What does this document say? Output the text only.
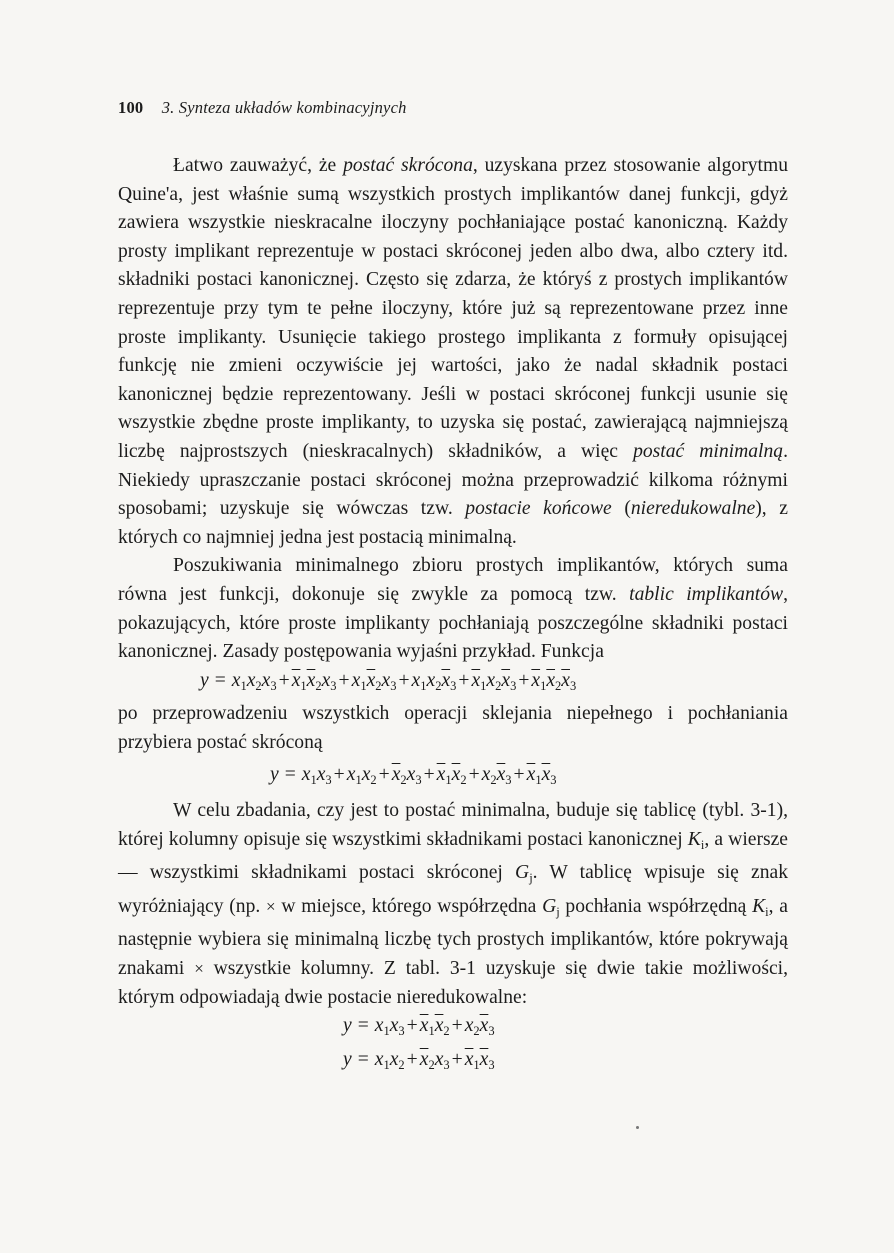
100 3. Synteza układów kombinacyjnych

Łatwo zauważyć, że postać skrócona, uzyskana przez stosowanie algorytmu Quine'a, jest właśnie sumą wszystkich prostych implikantów danej funkcji, gdyż zawiera wszystkie nieskracalne iloczyny pochłaniające postać kanoniczną. Każdy prosty implikant reprezentuje w postaci skróconej jeden albo dwa, albo cztery itd. składniki postaci kanonicznej. Często się zdarza, że któryś z prostych implikantów reprezentuje przy tym te pełne iloczyny, które już są reprezentowane przez inne proste implikanty. Usunięcie takiego prostego implikanta z formuły opisującej funkcję nie zmieni oczywiście jej wartości, jako że nadal składnik postaci kanonicznej będzie reprezentowany. Jeśli w postaci skróconej funkcji usunie się wszystkie zbędne proste implikanty, to uzyska się postać, zawierającą najmniejszą liczbę najprostszych (nieskracalnych) składników, a więc postać minimalną. Niekiedy upraszczanie postaci skróconej można przeprowadzić kilkoma różnymi sposobami; uzyskuje się wówczas tzw. postacie końcowe (nieredukowalne), z których co najmniej jedna jest postacią minimalną.

Poszukiwania minimalnego zbioru prostych implikantów, których suma równa jest funkcji, dokonuje się zwykle za pomocą tzw. tablic implikantów, pokazujących, które proste implikanty pochłaniają poszczególne składniki postaci kanonicznej. Zasady postępowania wyjaśni przykład. Funkcja

$y = x_1x_2x_3 + \overline{x}_1\overline{x}_2x_3 + x_1\overline{x}_2x_3 + x_1x_2\overline{x}_3 + \overline{x}_1x_2\overline{x}_3 + \overline{x}_1\overline{x}_2\overline{x}_3$

po przeprowadzeniu wszystkich operacji sklejania niepełnego i pochłaniania przybiera postać skróconą

$y = x_1x_3 + x_1x_2 + \overline{x}_2x_3 + \overline{x}_1\overline{x}_2 + x_2\overline{x}_3 + \overline{x}_1\overline{x}_3$

W celu zbadania, czy jest to postać minimalna, buduje się tablicę (tybl. 3-1), której kolumny opisuje się wszystkimi składnikami postaci kanonicznej $K_i$, a wiersze — wszystkimi składnikami postaci skróconej $G_j$. W tablicę wpisuje się znak wyróżniający (np. × w miejsce, którego współrzędna $G_j$ pochłania współrzędną $K_i$, a następnie wybiera się minimalną liczbę tych prostych implikantów, które pokrywają znakami × wszystkie kolumny. Z tabl. 3-1 uzyskuje się dwie takie możliwości, którym odpowiadają dwie postacie nieredukowalne:

$y = x_1x_3 + \overline{x}_1\overline{x}_2 + x_2\overline{x}_3$
$y = x_1x_2 + \overline{x}_2x_3 + \overline{x}_1\overline{x}_3$
